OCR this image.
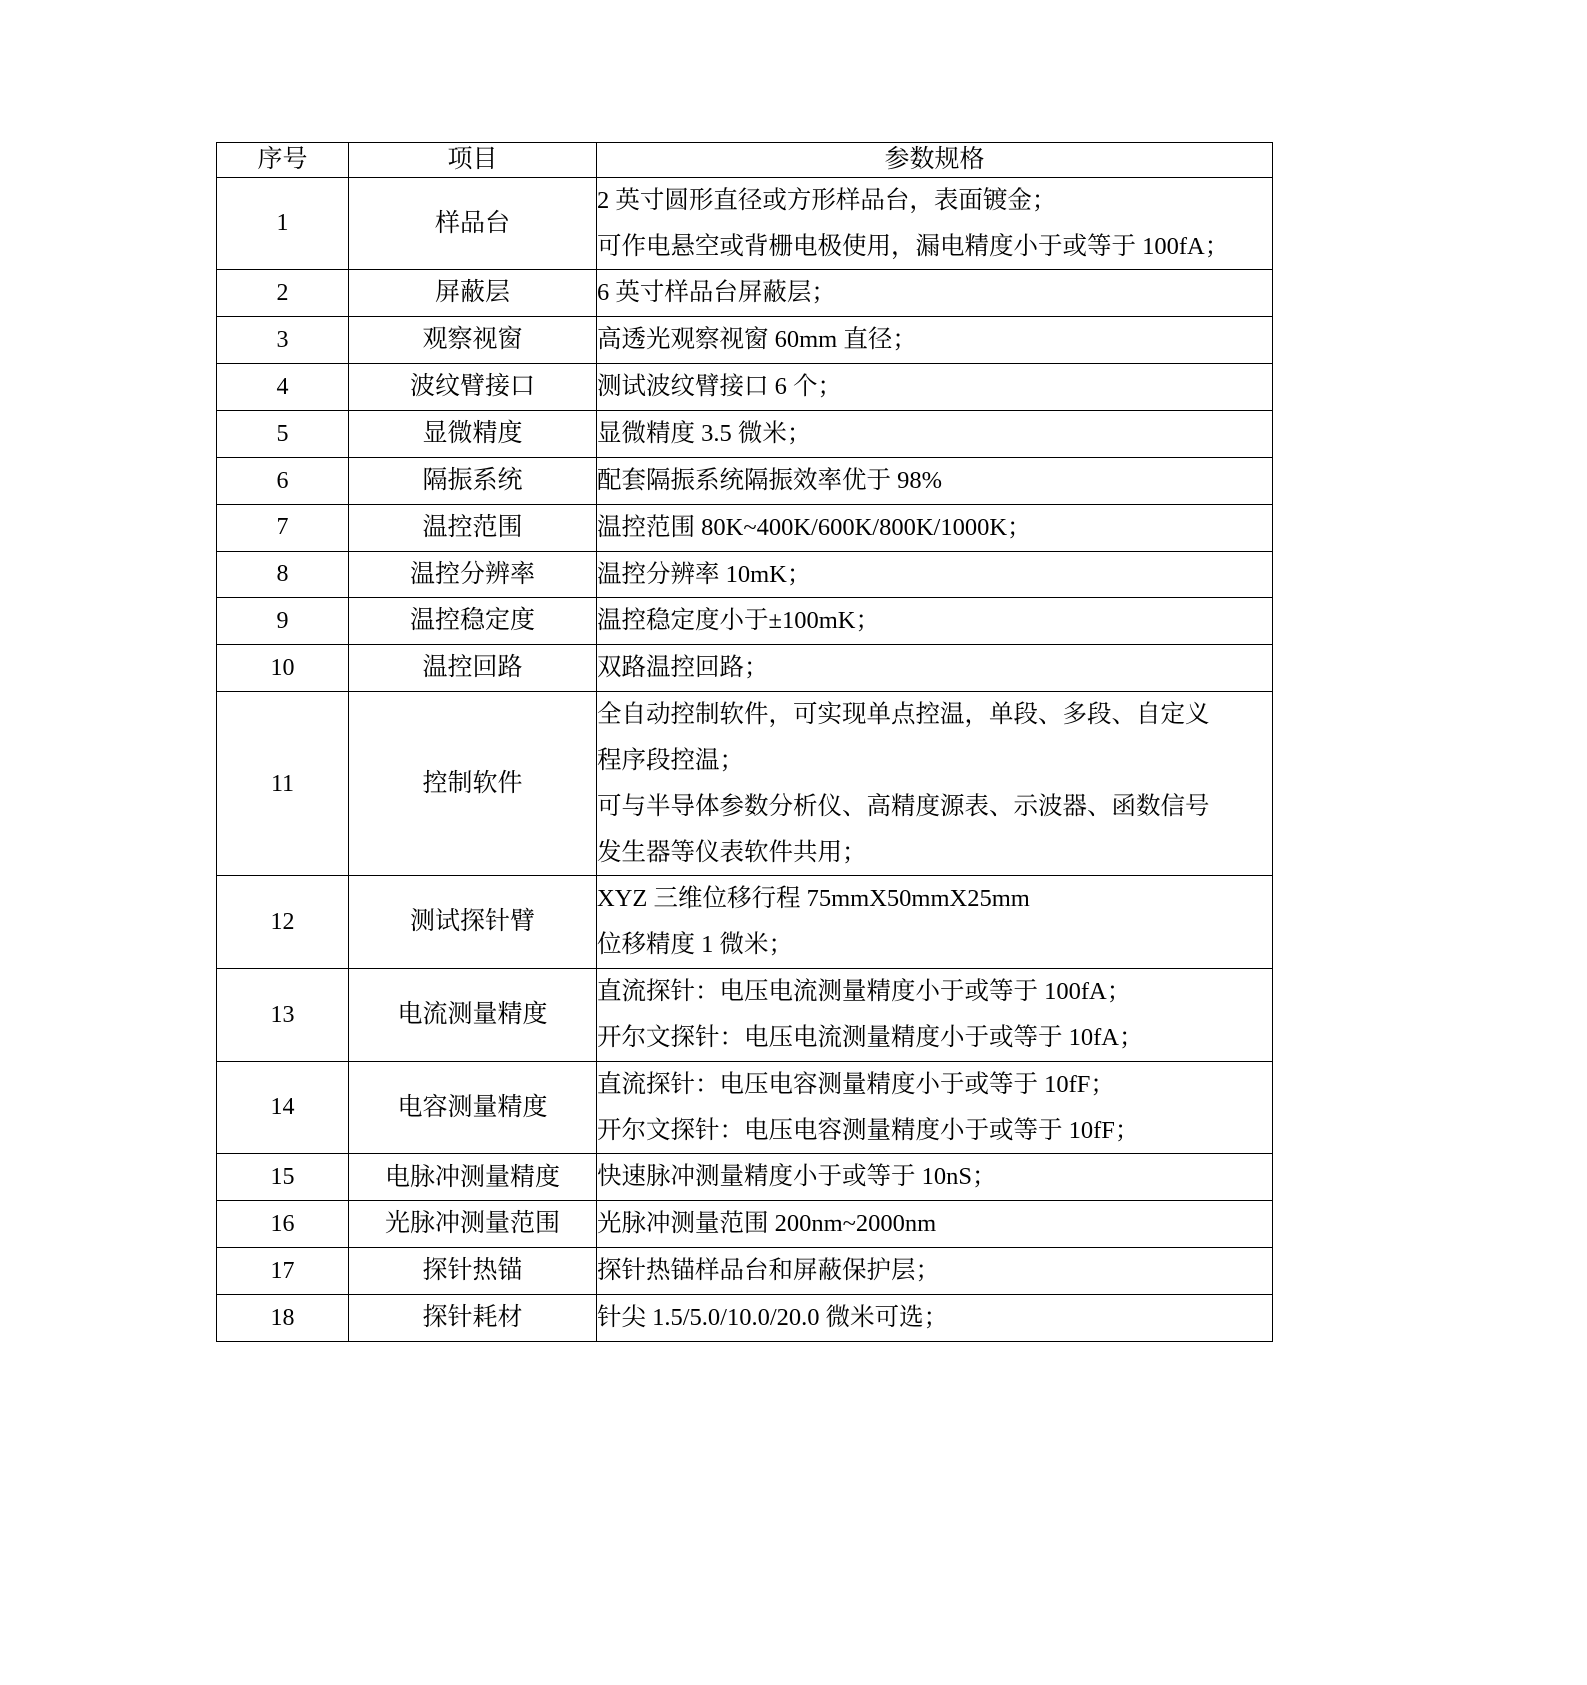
序号	项目	参数规格
1	样品台	2 英寸圆形直径或方形样品台，表面镀金；
可作电悬空或背栅电极使用，漏电精度小于或等于 100fA；

2	屏蔽层	6 英寸样品台屏蔽层；

3	观察视窗	高透光观察视窗 60mm 直径；

4	波纹臂接口	测试波纹臂接口 6 个；

5	显微精度	显微精度 3.5 微米；

6	隔振系统	配套隔振系统隔振效率优于 98%

7	温控范围	温控范围 80K~400K/600K/800K/1000K；

8	温控分辨率	温控分辨率 10mK；

9	温控稳定度	温控稳定度小于±100mK；

10	温控回路	双路温控回路；

11	控制软件	全自动控制软件，可实现单点控温，单段、多段、自定义
程序段控温；
可与半导体参数分析仪、高精度源表、示波器、函数信号
发生器等仪表软件共用；

12	测试探针臂	XYZ 三维位移行程 75mmX50mmX25mm
位移精度 1 微米；

13	电流测量精度	直流探针：电压电流测量精度小于或等于 100fA；
开尔文探针：电压电流测量精度小于或等于 10fA；

14	电容测量精度	直流探针：电压电容测量精度小于或等于 10fF；
开尔文探针：电压电容测量精度小于或等于 10fF；

15	电脉冲测量精度	快速脉冲测量精度小于或等于 10nS；

16	光脉冲测量范围	光脉冲测量范围 200nm~2000nm

17	探针热锚	探针热锚样品台和屏蔽保护层；

18	探针耗材	针尖 1.5/5.0/10.0/20.0 微米可选；
